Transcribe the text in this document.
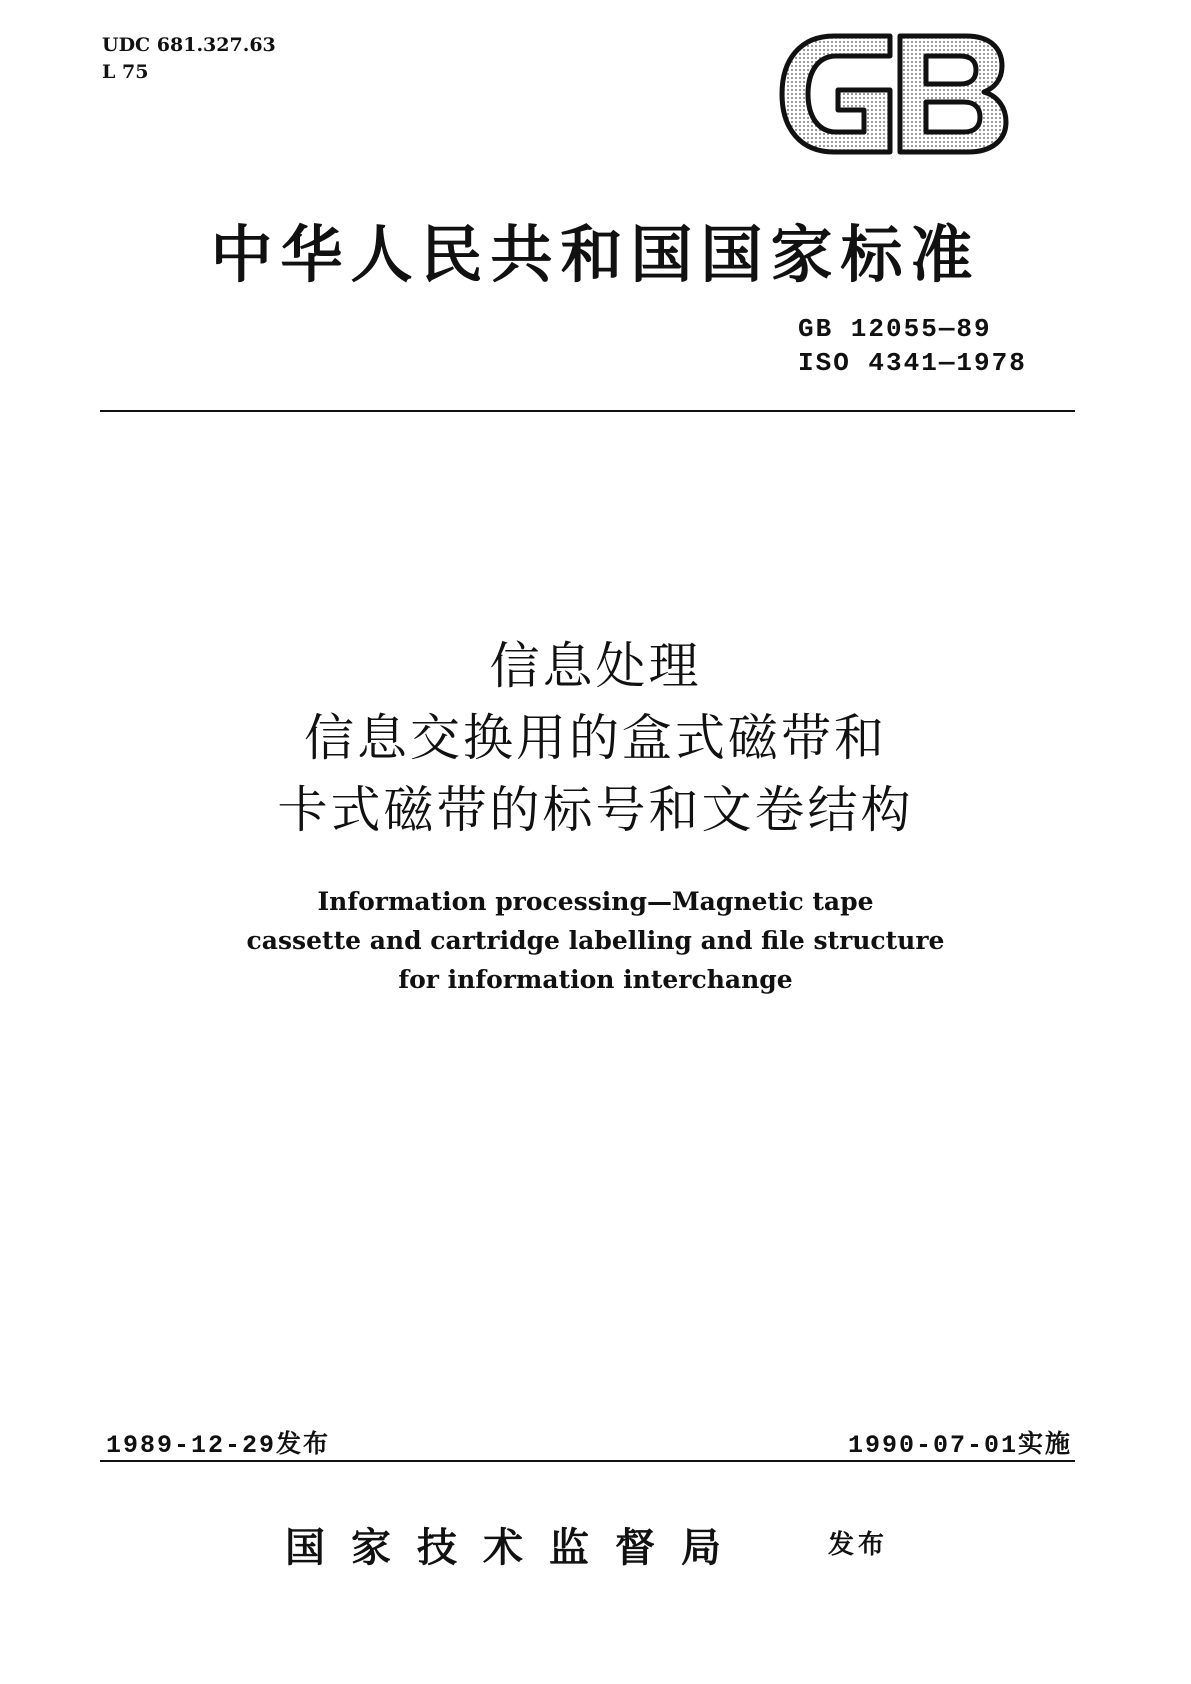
UDC 681.327.63
L 75
中华人民共和国国家标准
GB 12055—89
ISO 4341—1978
信息处理
信息交换用的盒式磁带和
卡式磁带的标号和文卷结构
Information processing—Magnetic tape
cassette and cartridge labelling and file structure
for information interchange
1989-12-29发布	1990-07-01实施
国家技术监督局	发布
